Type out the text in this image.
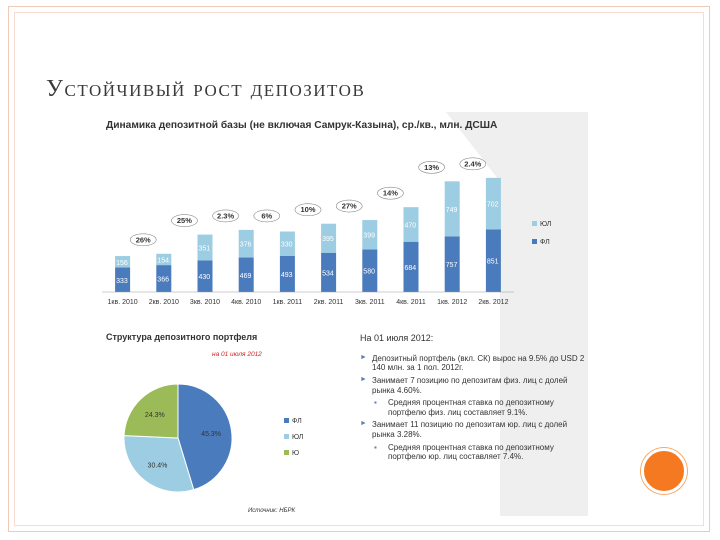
Устойчивый рост депозитов
Динамика депозитной базы (не включая Самрук-Казына), ср./кв., млн. ДСША
333
156
1кв. 2010
366
154
2кв. 2010
430
351
3кв. 2010
469
376
4кв. 2010
493
330
1кв. 2011
534
395
2кв. 2011
580
399
3кв. 2011
684
470
4кв. 2011
757
749
1кв. 2012
851
702
2кв. 2012
26%
25%
2.3%	6%
10%	27%
14%
13%	2.4%
ЮЛ
ФЛ
Структура депозитного портфеля
на 01 июля 2012
45.3%
30.4%
24.3%
ФЛ
ЮЛ
Ю
Источник: НБРК
На 01 июля 2012:
► Депозитный портфель (вкл. СК) вырос на 9.5% до USD 2 140 млн. за 1 пол. 2012г.
► Занимает 7 позицию по депозитам физ. лиц с долей рынка 4.60%.
▪ Средняя процентная ставка по депозитному портфелю физ. лиц составляет 9.1%.
► Занимает 11 позицию по депозитам юр. лиц с долей рынка 3.28%.
▪ Средняя процентная ставка по депозитному портфелю юр. лиц составляет 7.4%.
